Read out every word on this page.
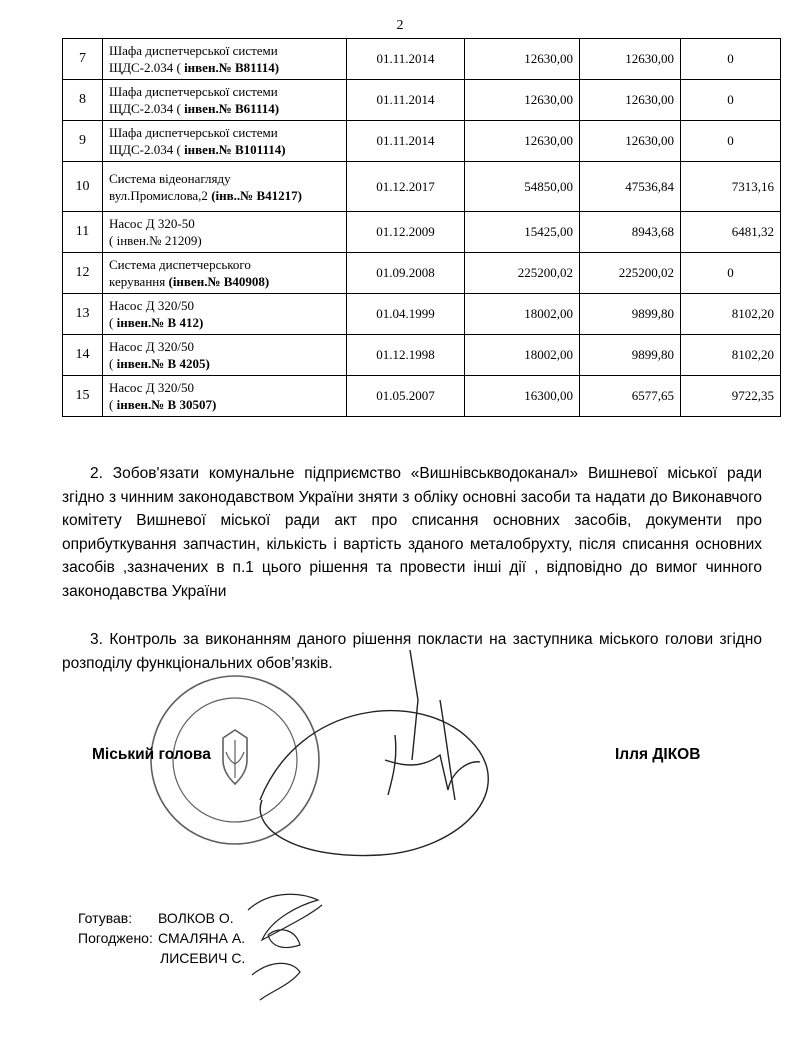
2
7	Шафа диспетчерської системи
ЩДС-2.034 ( інвен.№ В81114)	01.11.2014	12630,00	12630,00	0
8	Шафа диспетчерської системи
ЩДС-2.034 ( інвен.№ В61114)	01.11.2014	12630,00	12630,00	0
9	Шафа диспетчерської системи
ЩДС-2.034 ( інвен.№ В101114)	01.11.2014	12630,00	12630,00	0
10	Система відеонагляду
вул.Промислова,2 (інв..№ В41217)	01.12.2017	54850,00	47536,84	7313,16
11	Насос Д 320-50
( інвен.№ 21209)	01.12.2009	15425,00	8943,68	6481,32
12	Система диспетчерського
керування (інвен.№ В40908)	01.09.2008	225200,02	225200,02	0
13	Насос Д 320/50
( інвен.№ В 412)	01.04.1999	18002,00	9899,80	8102,20
14	Насос Д 320/50
( інвен.№ В 4205)	01.12.1998	18002,00	9899,80	8102,20
15	Насос Д 320/50
( інвен.№ В 30507)	01.05.2007	16300,00	6577,65	9722,35
2. Зобов'язати комунальне підприємство «Вишнівськводоканал» Вишневої міської ради згідно з чинним законодавством України зняти з обліку основні засоби та надати до Виконавчого комітету Вишневої міської ради акт про списання основних засобів, документи про оприбуткування запчастин, кількість і вартість зданого металобрухту, після списання основних засобів ,зазначених в п.1 цього рішення та провести інші дії , відповідно до вимог чинного законодавства України
3. Контроль за виконанням даного рішення покласти на заступника міського голови згідно розподілу функціональних обов’язків.
Міський голова	Ілля ДІКОВ
Готував:	ВОЛКОВ О.
Погоджено: СМАЛЯНА А.
ЛИСЕВИЧ С.
